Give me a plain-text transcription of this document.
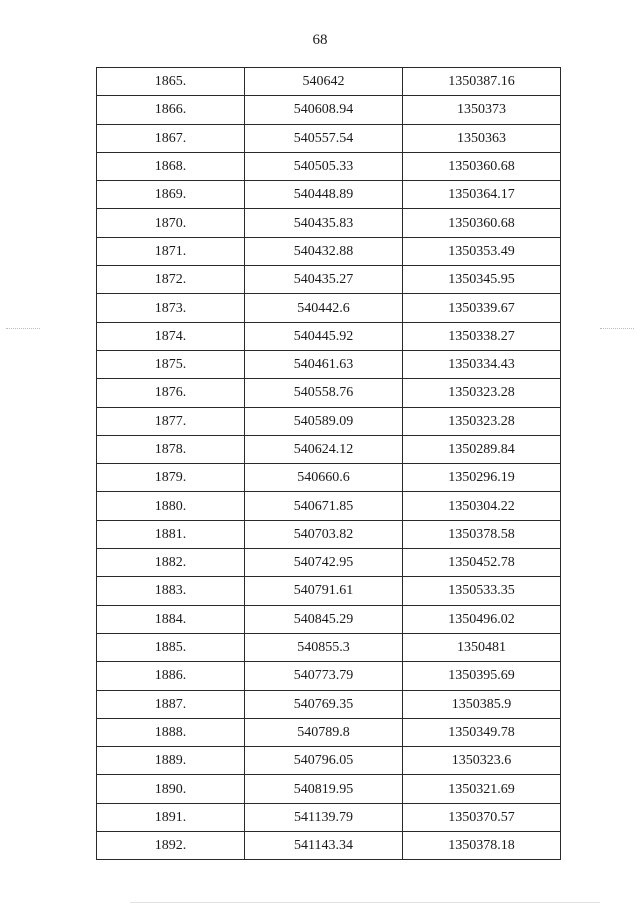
68
1865.	540642	1350387.16
1866.	540608.94	1350373
1867.	540557.54	1350363
1868.	540505.33	1350360.68
1869.	540448.89	1350364.17
1870.	540435.83	1350360.68
1871.	540432.88	1350353.49
1872.	540435.27	1350345.95
1873.	540442.6	1350339.67
1874.	540445.92	1350338.27
1875.	540461.63	1350334.43
1876.	540558.76	1350323.28
1877.	540589.09	1350323.28
1878.	540624.12	1350289.84
1879.	540660.6	1350296.19
1880.	540671.85	1350304.22
1881.	540703.82	1350378.58
1882.	540742.95	1350452.78
1883.	540791.61	1350533.35
1884.	540845.29	1350496.02
1885.	540855.3	1350481
1886.	540773.79	1350395.69
1887.	540769.35	1350385.9
1888.	540789.8	1350349.78
1889.	540796.05	1350323.6
1890.	540819.95	1350321.69
1891.	541139.79	1350370.57
1892.	541143.34	1350378.18
